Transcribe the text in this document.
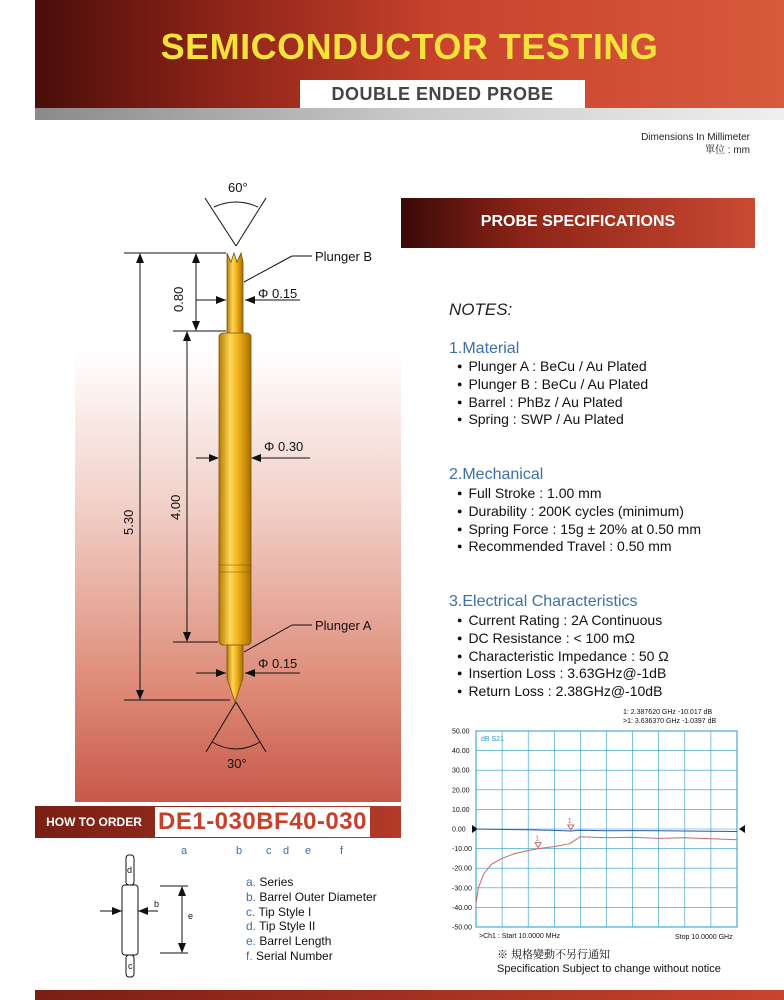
SEMICONDUCTOR TESTING
DOUBLE ENDED PROBE
Dimensions In Millimeter
單位 : mm
60°
30°
Plunger B
Plunger A
Φ 0.15
Φ 0.30
Φ 0.15
5.30
4.00
0.80
d
b
e
c
PROBE SPECIFICATIONS
NOTES:
1.Material
● Plunger A : BeCu / Au Plated
● Plunger B : BeCu / Au Plated
● Barrel : PhBz / Au Plated
● Spring : SWP / Au Plated
2.Mechanical
● Full Stroke : 1.00 mm
● Durability : 200K cycles (minimum)
● Spring Force : 15g ± 20% at 0.50 mm
● Recommended Travel : 0.50 mm
3.Electrical Characteristics
● Current Rating : 2A Continuous
● DC Resistance : < 100 mΩ
● Characteristic Impedance : 50 Ω
● Insertion Loss : 3.63GHz@-1dB
● Return Loss : 2.38GHz@-10dB
50.00
40.00
30.00
20.00
10.00
0.00
-10.00
-20.00
-30.00
-40.00
-50.00
1
1
1: 2.387620 GHz -10.017 dB
>1: 3.636370 GHz -1.0397 dB
dB S21
>Ch1 : Start 10.0000 MHz	Stop 10.0000 GHz
※ 規格變動不另行通知
Specification Subject to change without notice
HOW TO ORDER DE1-030BF40-030
a	b c d e	f
a. Series
b. Barrel Outer Diameter
c. Tip Style I
d. Tip Style II
e. Barrel Length
f. Serial Number
